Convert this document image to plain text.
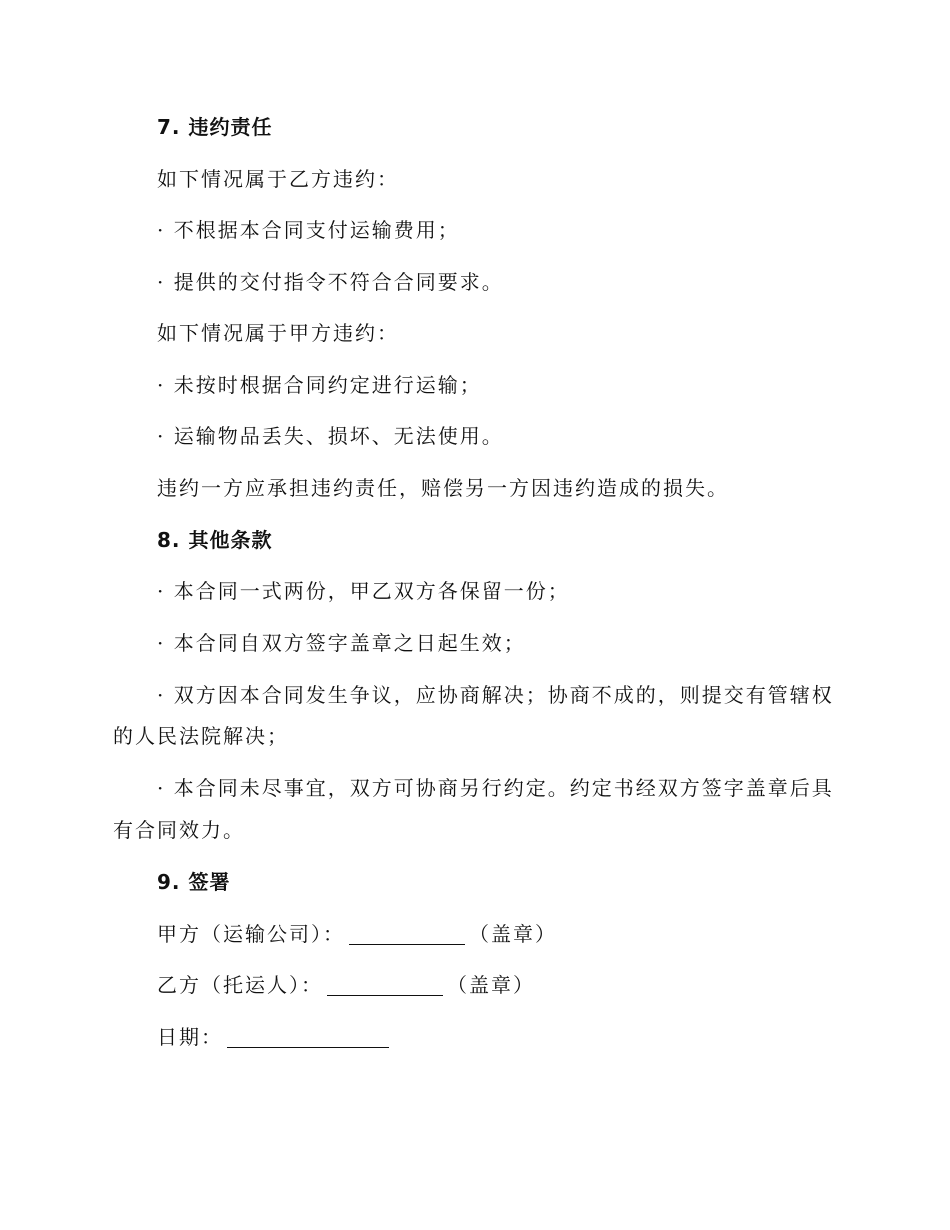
7. 违约责任
如下情况属于乙方违约：
· 不根据本合同支付运输费用；
· 提供的交付指令不符合合同要求。
如下情况属于甲方违约：
· 未按时根据合同约定进行运输；
· 运输物品丢失、损坏、无法使用。
违约一方应承担违约责任，赔偿另一方因违约造成的损失。
8. 其他条款
· 本合同一式两份，甲乙双方各保留一份；
· 本合同自双方签字盖章之日起生效；
· 双方因本合同发生争议，应协商解决；协商不成的，则提交有管辖权
的人民法院解决；
· 本合同未尽事宜，双方可协商另行约定。约定书经双方签字盖章后具
有合同效力。
9. 签署
甲方（运输公司）：	（盖章）
乙方（托运人）：	（盖章）
日期：
